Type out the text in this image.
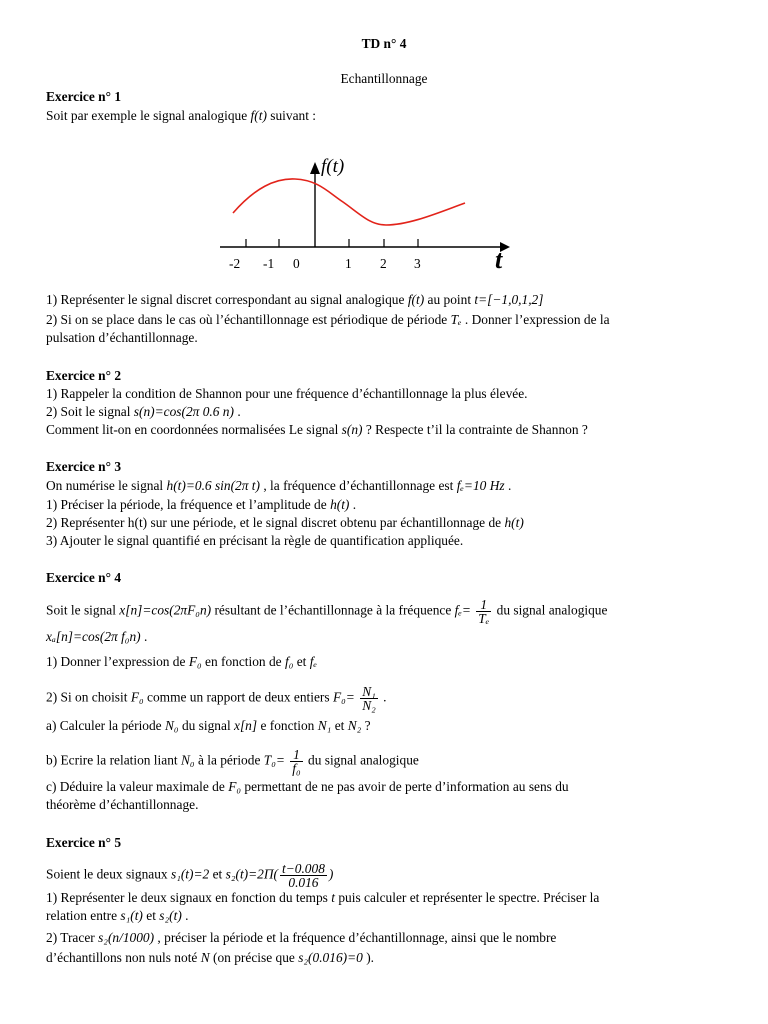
TD n° 4
Echantillonnage
Exercice n° 1
Soit par exemple le signal analogique f(t) suivant :
f(t)
t
-2 -1 0	1 2 3
1) Représenter le signal discret correspondant au signal analogique f(t) au point t=[−1,0,1,2]
2) Si on se place dans le cas où l’échantillonnage est périodique de période Tₑ . Donner l’expression de la
pulsation d’échantillonnage.
Exercice n° 2
1) Rappeler la condition de Shannon pour une fréquence d’échantillonnage la plus élevée.
2) Soit le signal s(n)=cos(2π 0.6 n) .
Comment lit-on en coordonnées normalisées Le signal s(n) ? Respecte t’il la contrainte de Shannon ?
Exercice n° 3
On numérise le signal h(t)=0.6 sin(2π t) , la fréquence d’échantillonnage est fₑ=10 Hz .
1) Préciser la période, la fréquence et l’amplitude de h(t) .
2) Représenter h(t) sur une période, et le signal discret obtenu par échantillonnage de h(t)
3) Ajouter le signal quantifié en précisant la règle de quantification appliquée.
Exercice n° 4
Soit le signal x[n]=cos(2πF₀n) résultant de l’échantillonnage à la fréquence $f_e= \frac{1}{\text{Tₑ}}$ du signal analogique
xₐ[n]=cos(2π f₀n) .
1) Donner l’expression de F₀ en fonction de f₀ et fₑ
2) Si on choisit F₀ comme un rapport de deux entiers $F_0= \frac{\text{N₁}}{\text{N₂}}$ .
a) Calculer la période N₀ du signal x[n] e fonction N₁ et N₂ ?
b) Ecrire la relation liant N₀ à la période $T_0= \frac{1}{\text{f₀}}$ du signal analogique
c) Déduire la valeur maximale de F₀ permettant de ne pas avoir de perte d’information au sens du
théorème d’échantillonnage.
Exercice n° 5
Soient le deux signaux s₁(t)=2 et $s_2(t)=2\Pi( \frac{t-0.008}{0.016}$ )
1) Représenter le deux signaux en fonction du temps t puis calculer et représenter le spectre. Préciser la
relation entre s₁(t) et s₂(t) .
2) Tracer s₂(n/1000) , préciser la période et la fréquence d’échantillonnage, ainsi que le nombre
d’échantillons non nuls noté N (on précise que s₂(0.016)=0 ).
